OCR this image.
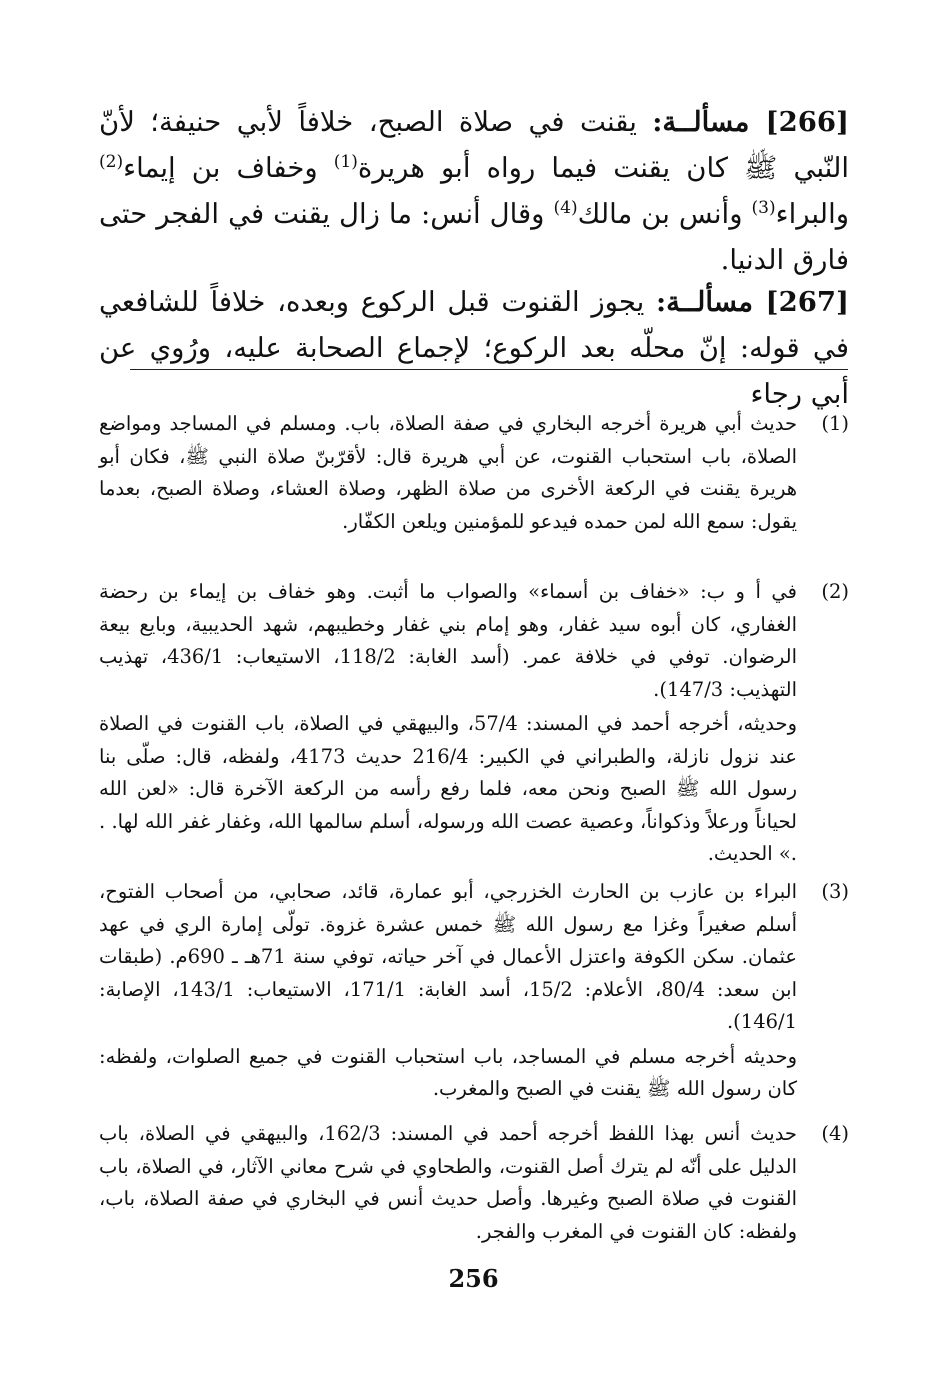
[266] مسألــة: يقنت في صلاة الصبح، خلافاً لأبي حنيفة؛ لأنّ النّبي ﷺ كان يقنت فيما رواه أبو هريرة$^{(1)}$ وخفاف بن إيماء$^{(2)}$ والبراء$^{(3)}$ وأنس بن مالك$^{(4)}$ وقال أنس: ما زال يقنت في الفجر حتى فارق الدنيا.
[267] مسألــة: يجوز القنوت قبل الركوع وبعده، خلافاً للشافعي في قوله: إنّ محلّه بعد الركوع؛ لإجماع الصحابة عليه، ورُوي عن أبي رجاء
(1)
حديث أبي هريرة أخرجه البخاري في صفة الصلاة، باب. ومسلم في المساجد ومواضع الصلاة، باب استحباب القنوت، عن أبي هريرة قال: لأقرّبنّ صلاة النبي ﷺ، فكان أبو هريرة يقنت في الركعة الأخرى من صلاة الظهر، وصلاة العشاء، وصلاة الصبح، بعدما يقول: سمع الله لمن حمده فيدعو للمؤمنين ويلعن الكفّار.
(2)
في أ و ب: «خفاف بن أسماء» والصواب ما أثبت. وهو خفاف بن إيماء بن رحضة الغفاري، كان أبوه سيد غفار، وهو إمام بني غفار وخطيبهم، شهد الحديبية، وبايع بيعة الرضوان. توفي في خلافة عمر. (أسد الغابة: 118/2، الاستيعاب: 436/1، تهذيب التهذيب: 147/3).
وحديثه، أخرجه أحمد في المسند: 57/4، والبيهقي في الصلاة، باب القنوت في الصلاة عند نزول نازلة، والطبراني في الكبير: 216/4 حديث 4173، ولفظه، قال: صلّى بنا رسول الله ﷺ الصبح ونحن معه، فلما رفع رأسه من الركعة الآخرة قال: «لعن الله لحياناً ورعلاً وذكواناً، وعصية عصت الله ورسوله، أسلم سالمها الله، وغفار غفر الله لها. . .» الحديث.
(3)
البراء بن عازب بن الحارث الخزرجي، أبو عمارة، قائد، صحابي، من أصحاب الفتوح، أسلم صغيراً وغزا مع رسول الله ﷺ خمس عشرة غزوة. تولّى إمارة الري في عهد عثمان. سكن الكوفة واعتزل الأعمال في آخر حياته، توفي سنة 71هـ ـ 690م. (طبقات ابن سعد: 80/4، الأعلام: 15/2، أسد الغابة: 171/1، الاستيعاب: 143/1، الإصابة: 146/1).
وحديثه أخرجه مسلم في المساجد، باب استحباب القنوت في جميع الصلوات، ولفظه: كان رسول الله ﷺ يقنت في الصبح والمغرب.
(4)
حديث أنس بهذا اللفظ أخرجه أحمد في المسند: 162/3، والبيهقي في الصلاة، باب الدليل على أنّه لم يترك أصل القنوت، والطحاوي في شرح معاني الآثار، في الصلاة، باب القنوت في صلاة الصبح وغيرها. وأصل حديث أنس في البخاري في صفة الصلاة، باب، ولفظه: كان القنوت في المغرب والفجر.
256
